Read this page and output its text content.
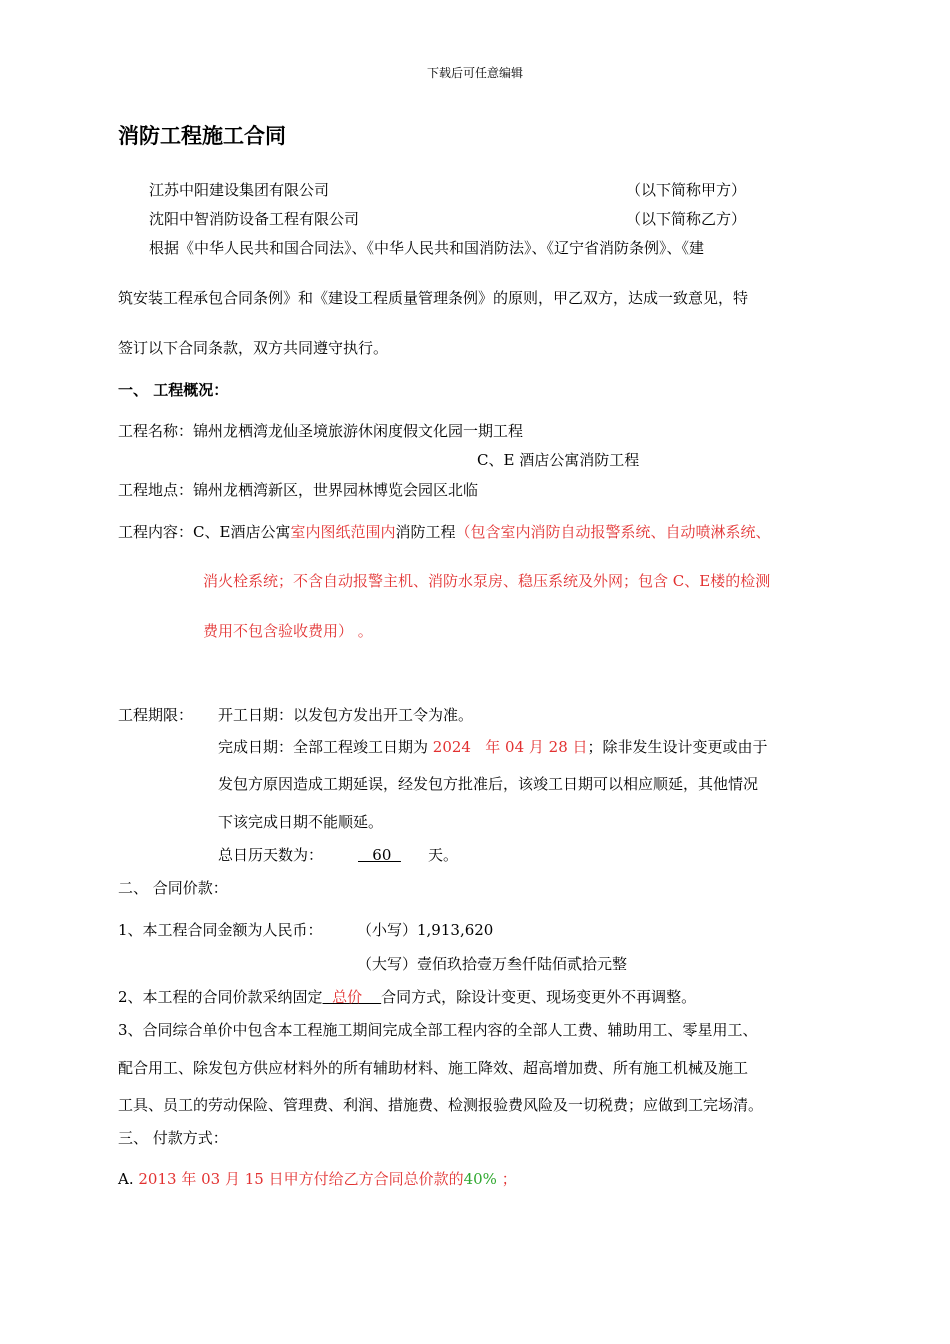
下载后可任意编辑
消防工程施工合同
江苏中阳建设集团有限公司	（以下简称甲方）
沈阳中智消防设备工程有限公司	（以下简称乙方）
根据《中华人民共和国合同法》、《中华人民共和国消防法》、《辽宁省消防条例》、《建
筑安装工程承包合同条例》和《建设工程质量管理条例》的原则，甲乙双方，达成一致意见，特
签订以下合同条款，双方共同遵守执行。
一、 工程概况：
工程名称：锦州龙栖湾龙仙圣境旅游休闲度假文化园一期工程
C、E 酒店公寓消防工程
工程地点：锦州龙栖湾新区，世界园林博览会园区北临
工程内容：C、E酒店公寓室内图纸范围内消防工程（包含室内消防自动报警系统、自动喷淋系统、
消火栓系统；不含自动报警主机、消防水泵房、稳压系统及外网；包含 C、E楼的检测
费用不包含验收费用） 。
工程期限： 开工日期：以发包方发出开工令为准。
完成日期：全部工程竣工日期为 2024   年 04 月 28 日；除非发生设计变更或由于
发包方原因造成工期延误，经发包方批准后，该竣工日期可以相应顺延，其他情况
下该完成日期不能顺延。
总日历天数为： 60 天。
二、 合同价款：
1、本工程合同金额为人民币： （小写）1,913,620
（大写）壹佰玖拾壹万叁仟陆佰贰拾元整
2、本工程的合同价款采纳固定  总价    合同方式，除设计变更、现场变更外不再调整。
3、合同综合单价中包含本工程施工期间完成全部工程内容的全部人工费、辅助用工、零星用工、
配合用工、除发包方供应材料外的所有辅助材料、施工降效、超高增加费、所有施工机械及施工
工具、员工的劳动保险、管理费、利润、措施费、检测报验费风险及一切税费；应做到工完场清。
三、 付款方式：
A. 2013 年 03 月 15 日甲方付给乙方合同总价款的40% ；
